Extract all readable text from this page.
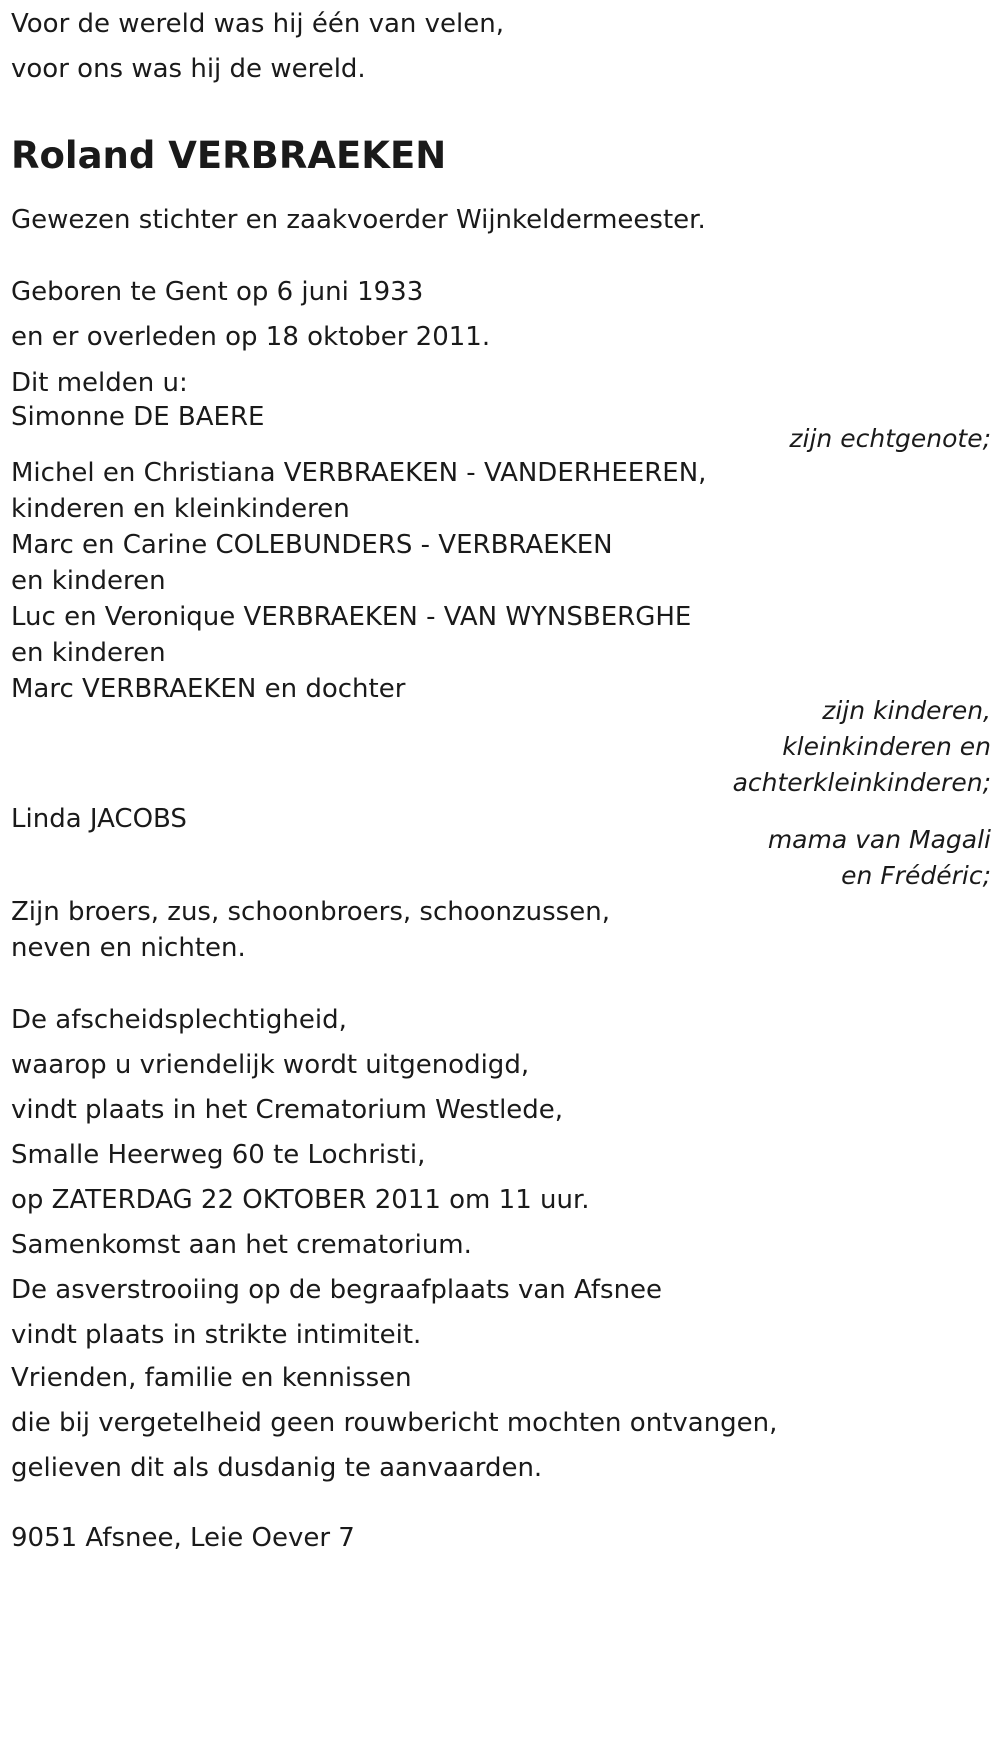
Voor de wereld was hij één van velen,

voor ons was hij de wereld.

Roland VERBRAEKEN

Gewezen stichter en zaakvoerder Wijnkeldermeester.

Geboren te Gent op 6 juni 1933

en er overleden op 18 oktober 2011.

Dit melden u:

Simonne DE BAERE

zijn echtgenote;

Michel en Christiana VERBRAEKEN - VANDERHEEREN,

kinderen en kleinkinderen

Marc en Carine COLEBUNDERS - VERBRAEKEN

en kinderen

Luc en Veronique VERBRAEKEN - VAN WYNSBERGHE

en kinderen

Marc VERBRAEKEN en dochter

zijn kinderen,

kleinkinderen en

achterkleinkinderen;

Linda JACOBS

mama van Magali

en Frédéric;

Zijn broers, zus, schoonbroers, schoonzussen,

neven en nichten.

De afscheidsplechtigheid,

waarop u vriendelijk wordt uitgenodigd,

vindt plaats in het Crematorium Westlede,

Smalle Heerweg 60 te Lochristi,

op ZATERDAG 22 OKTOBER 2011 om 11 uur.

Samenkomst aan het crematorium.

De asverstrooiing op de begraafplaats van Afsnee

vindt plaats in strikte intimiteit.

Vrienden, familie en kennissen

die bij vergetelheid geen rouwbericht mochten ontvangen,

gelieven dit als dusdanig te aanvaarden.

9051 Afsnee, Leie Oever 7
